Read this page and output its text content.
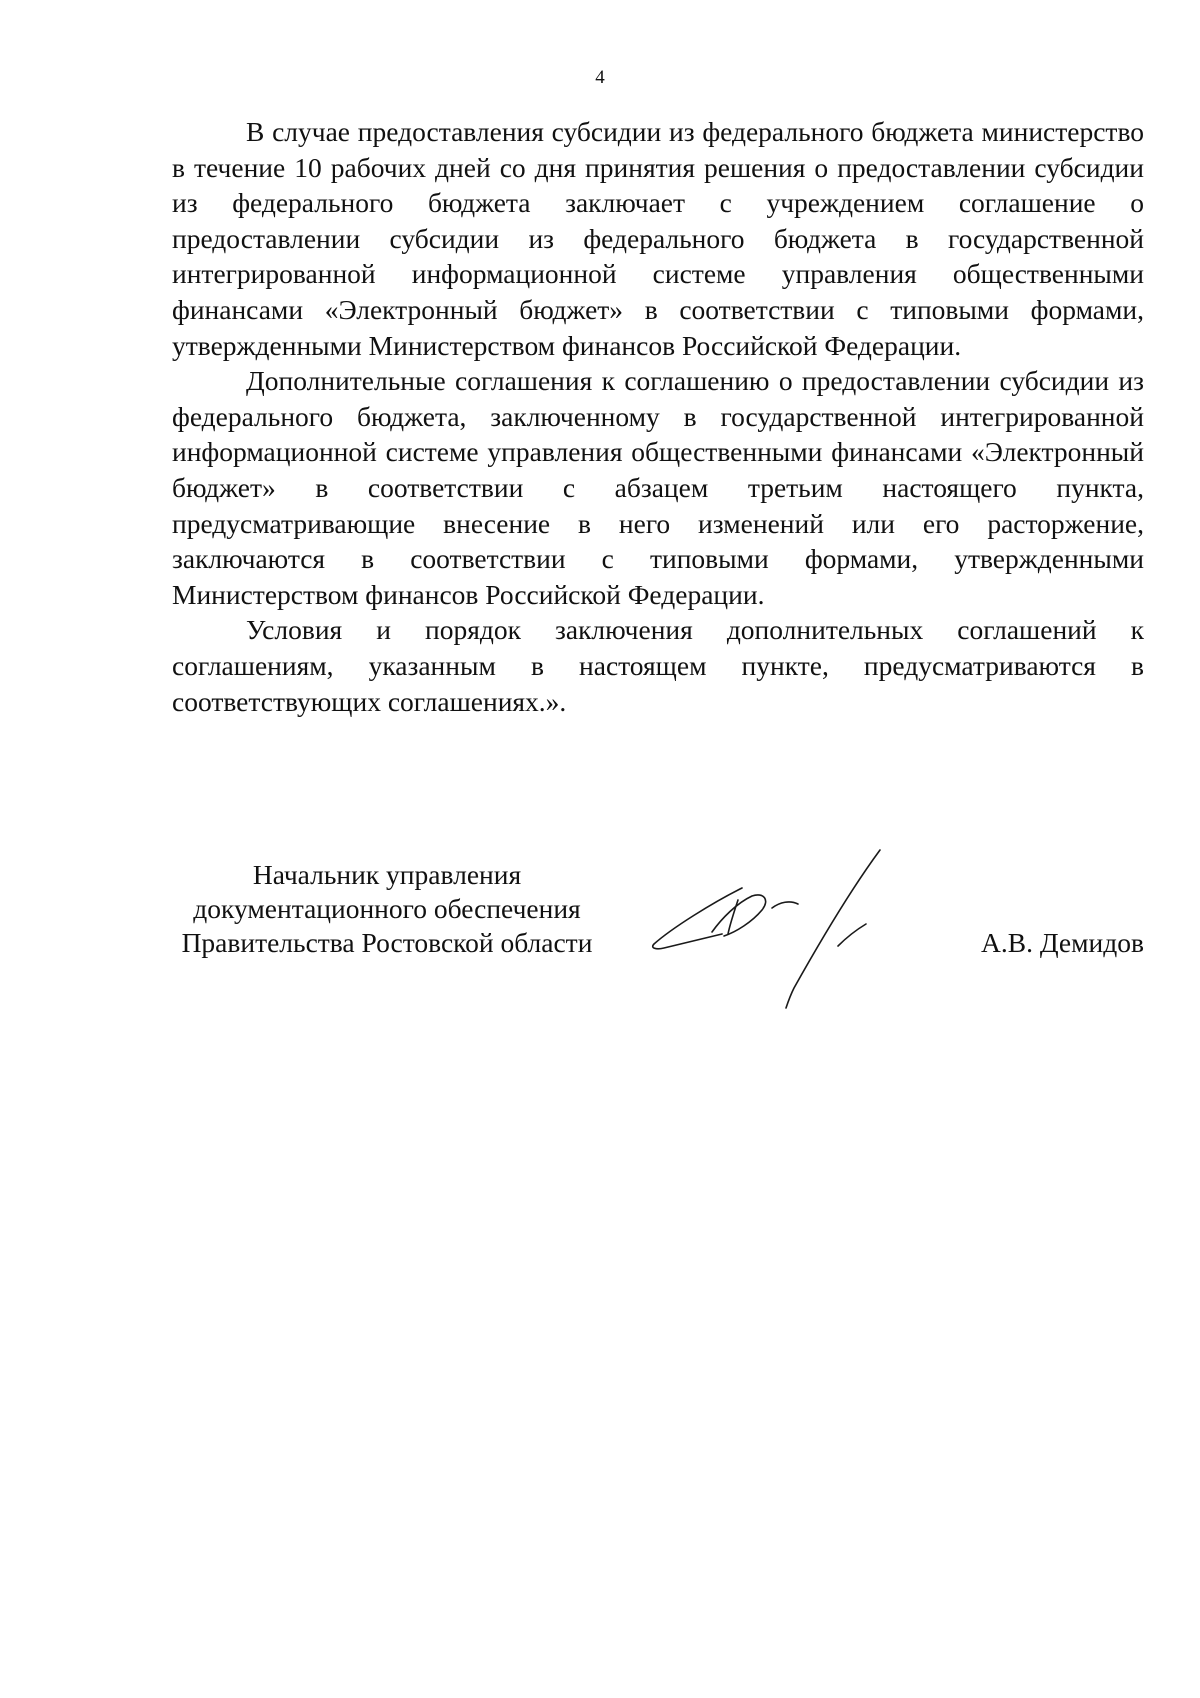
4

В случае предоставления субсидии из федерального бюджета министерство в течение 10 рабочих дней со дня принятия решения о предоставлении субсидии из федерального бюджета заключает с учреждением соглашение о предоставлении субсидии из федерального бюджета в государственной интегрированной информационной системе управления общественными финансами «Электронный бюджет» в соответствии с типовыми формами, утвержденными Министерством финансов Российской Федерации.

Дополнительные соглашения к соглашению о предоставлении субсидии из федерального бюджета, заключенному в государственной интегрированной информационной системе управления общественными финансами «Электронный бюджет» в соответствии с абзацем третьим настоящего пункта, предусматривающие внесение в него изменений или его расторжение, заключаются в соответствии с типовыми формами, утвержденными Министерством финансов Российской Федерации.

Условия и порядок заключения дополнительных соглашений к соглашениям, указанным в настоящем пункте, предусматриваются в соответствующих соглашениях.».

Начальник управления
документационного обеспечения
Правительства Ростовской области	А.В. Демидов
